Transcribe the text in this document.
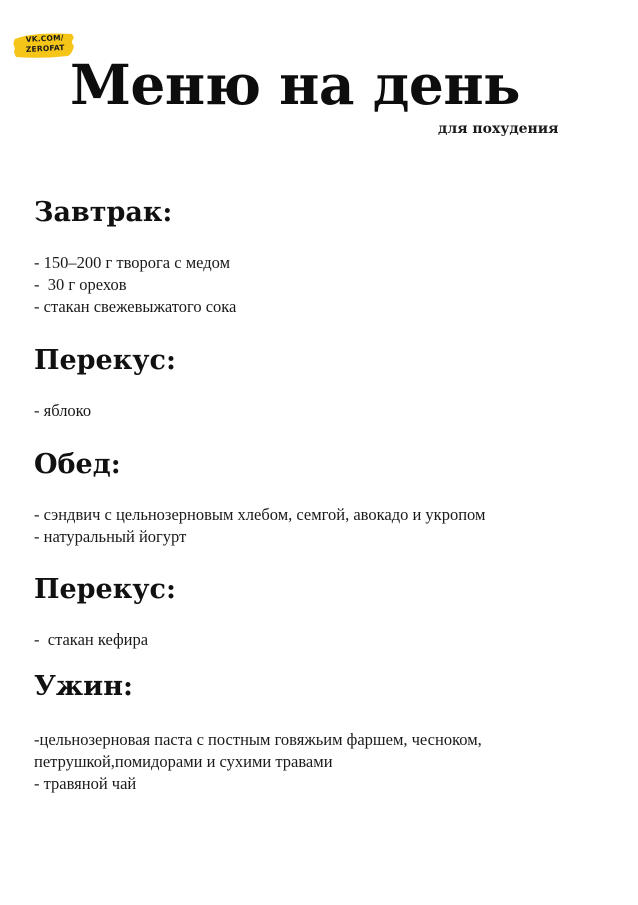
VK.COM/
ZEROFAT
Меню на день
для похудения
Завтрак:
- 150–200 г творога с медом
-  30 г орехов
- стакан свежевыжатого сока
Перекус:
- яблоко
Обед:
- сэндвич с цельнозерновым хлебом, семгой, авокадо и укропом
- натуральный йогурт
Перекус:
-  стакан кефира
Ужин:
-цельнозерновая паста с постным говяжьим фаршем, чесноком, петрушкой,помидорами и сухими травами
- травяной чай
